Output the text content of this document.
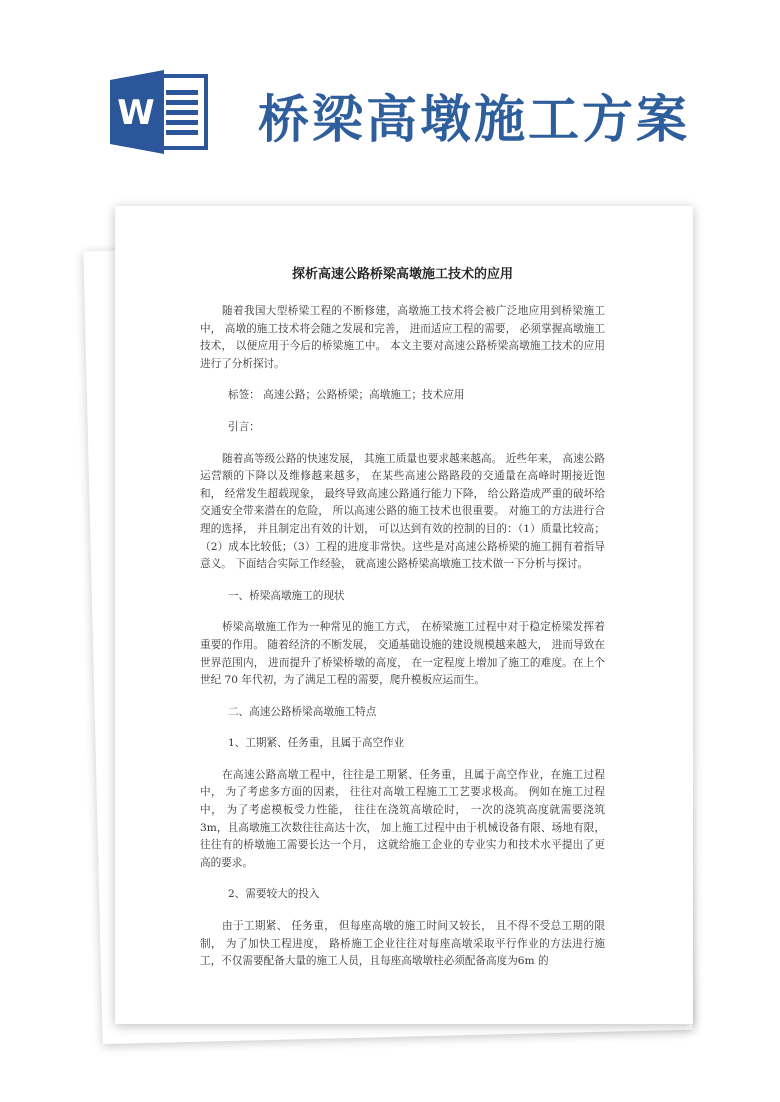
W 桥梁高墩施工方案
探析高速公路桥梁高墩施工技术的应用
随着我国大型桥梁工程的不断修建，高墩施工技术将会被广泛地应用到桥梁施工中， 高墩的施工技术将会随之发展和完善， 进而适应工程的需要， 必须掌握高墩施工技术， 以便应用于今后的桥梁施工中。 本文主要对高速公路桥梁高墩施工技术的应用进行了分析探讨。
标签： 高速公路；公路桥梁；高墩施工；技术应用
引言：
随着高等级公路的快速发展， 其施工质量也要求越来越高。 近些年来， 高速公路运营额的下降以及维修越来越多， 在某些高速公路路段的交通量在高峰时期接近饱和， 经常发生超载现象， 最终导致高速公路通行能力下降， 给公路造成严重的破坏给交通安全带来潜在的危险， 所以高速公路的施工技术也很重要。 对施工的方法进行合理的选择， 并且制定出有效的计划， 可以达到有效的控制的目的：（1）质量比较高；（2）成本比较低；（3）工程的进度非常快。这些是对高速公路桥梁的施工拥有着指导意义。 下面结合实际工作经验， 就高速公路桥梁高墩施工技术做一下分析与探讨。
一、桥梁高墩施工的现状
桥梁高墩施工作为一种常见的施工方式， 在桥梁施工过程中对于稳定桥梁发挥着重要的作用。 随着经济的不断发展， 交通基础设施的建设规模越来越大， 进而导致在世界范围内， 进而提升了桥梁桥墩的高度， 在一定程度上增加了施工的难度。在上个世纪 70 年代初，为了满足工程的需要，爬升模板应运而生。
二、高速公路桥梁高墩施工特点
1、工期紧、任务重，且属于高空作业
在高速公路高墩工程中，往往是工期紧、任务重，且属于高空作业，在施工过程中， 为了考虑多方面的因素， 往往对高墩工程施工工艺要求极高。 例如在施工过程中， 为了考虑模板受力性能， 往往在浇筑高墩砼时， 一次的浇筑高度就需要浇筑 3m，且高墩施工次数往往高达十次， 加上施工过程中由于机械设备有限、场地有限， 往往有的桥墩施工需要长达一个月， 这就给施工企业的专业实力和技术水平提出了更高的要求。
2、需要较大的投入
由于工期紧、 任务重， 但每座高墩的施工时间又较长， 且不得不受总工期的限制， 为了加快工程进度， 路桥施工企业往往对每座高墩采取平行作业的方法进行施工，不仅需要配备大量的施工人员，且每座高墩墩柱必须配备高度为6m 的
